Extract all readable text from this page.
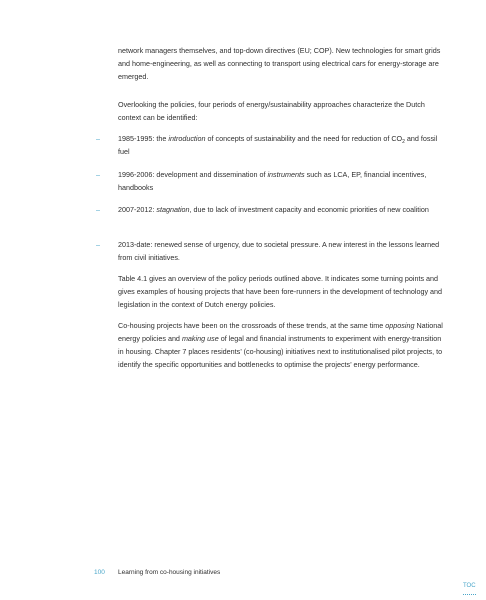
network managers themselves, and top-down directives (EU; COP). New technologies for smart grids and home-engineering, as well as connecting to transport using electrical cars for energy-storage are emerged.

Overlooking the policies, four periods of energy/sustainability approaches characterize the Dutch context can be identified:

–	1985-1995: the introduction of concepts of sustainability and the need for reduction of $CO_2$ and fossil fuel
–	1996-2006: development and dissemination of instruments such as LCA, EP, financial incentives, handbooks
–	2007-2012: stagnation, due to lack of investment capacity and economic priorities of new coalition
–	2013-date: renewed sense of urgency, due to societal pressure. A new interest in the lessons learned from civil initiatives.

Table 4.1 gives an overview of the policy periods outlined above. It indicates some turning points and gives examples of housing projects that have been fore-runners in the development of technology and legislation in the context of Dutch energy policies.

Co-housing projects have been on the crossroads of these trends, at the same time opposing National energy policies and making use of legal and financial instruments to experiment with energy-transition in housing. Chapter 7 places residents’ (co-housing) initiatives next to institutionalised pilot projects, to identify the specific opportunities and bottlenecks to optimise the projects’ energy performance.

100 Learning from co-housing initiatives
TOC
